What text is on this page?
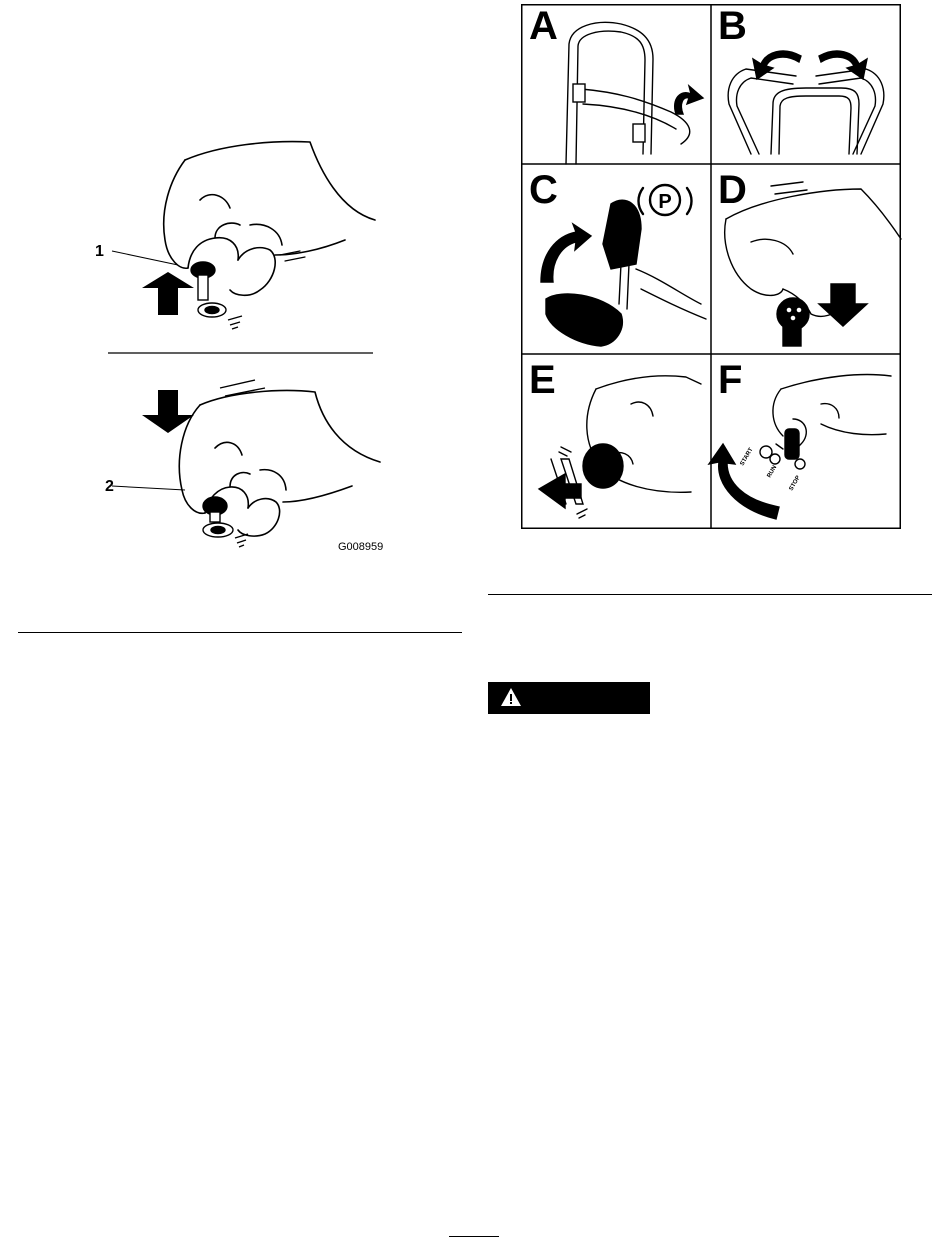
1
2
G008959
P
START
RUN
STOP
A	B
C	D
E	F
